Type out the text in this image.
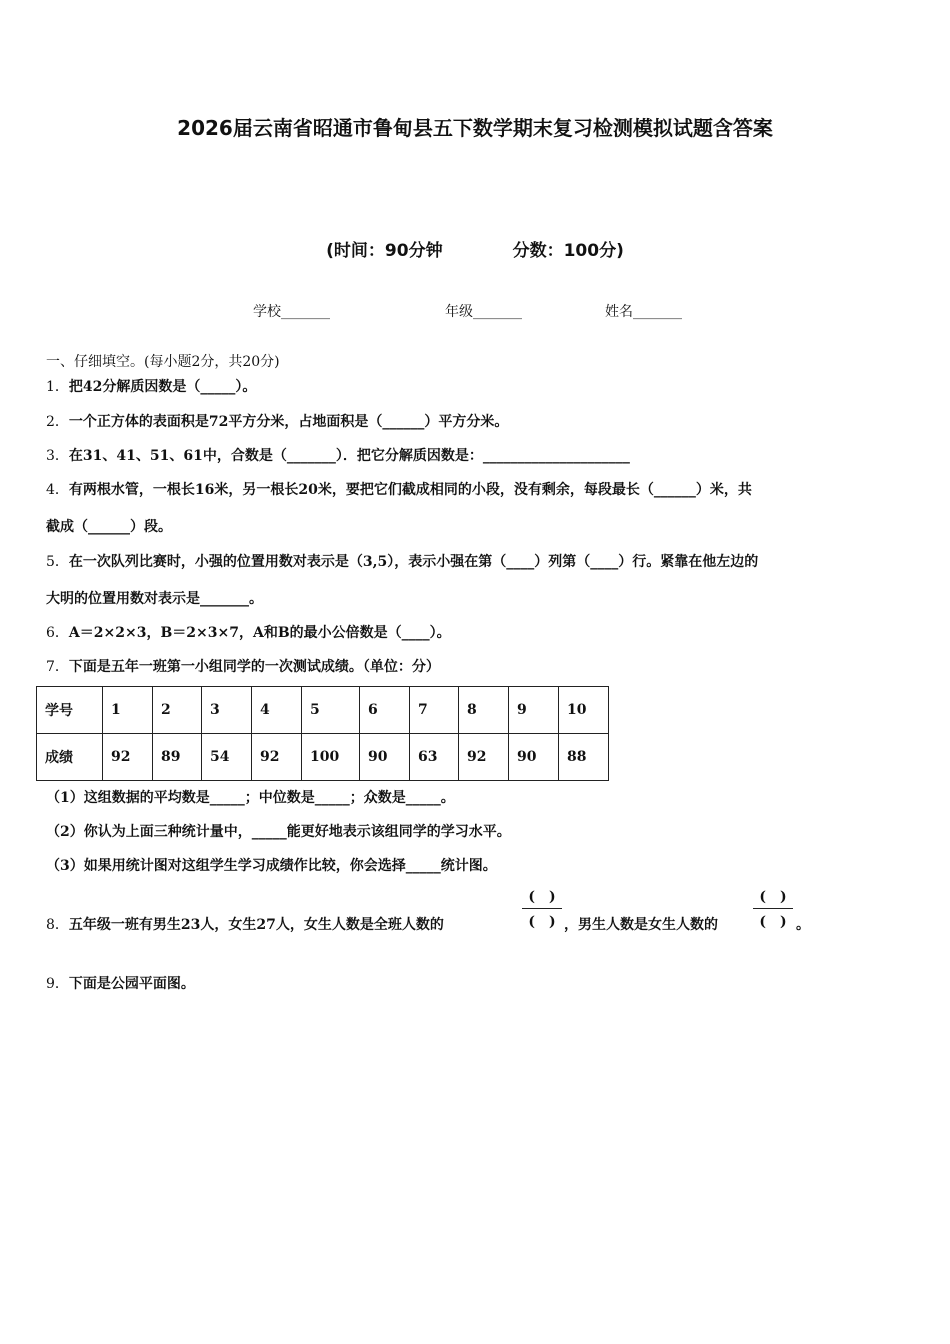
2026届云南省昭通市鲁甸县五下数学期末复习检测模拟试题含答案
(时间：90分钟	分数：100分)
学校_______	年级_______	姓名_______
一、仔细填空。(每小题2分，共20分)
1．把42分解质因数是（_____）。
2．一个正方体的表面积是72平方分米，占地面积是（______）平方分米。
3．在31、41、51、61中，合数是（_______）．把它分解质因数是：_____________________
4．有两根水管，一根长16米，另一根长20米，要把它们截成相同的小段，没有剩余，每段最长（______）米，共
截成（______）段。
5．在一次队列比赛时，小强的位置用数对表示是（3,5），表示小强在第（____）列第（____）行。紧靠在他左边的
大明的位置用数对表示是_______。
6．A＝2×2×3，B＝2×3×7，A和B的最小公倍数是（____）。
7．下面是五年一班第一小组同学的一次测试成绩。（单位：分）
学号	1	2	3	4	5	6	7	8	9	10
成绩	92	89	54	92	100	90	63	92	90	88
（1）这组数据的平均数是_____；中位数是_____；众数是_____。
（2）你认为上面三种统计量中，_____能更好地表示该组同学的学习水平。
（3）如果用统计图对这组学生学习成绩作比较，你会选择_____统计图。
8．五年级一班有男生23人，女生27人，女生人数是全班人数的
(　)
(　) ，男生人数是女生人数的
(　)
(　) 。
9．下面是公园平面图。
